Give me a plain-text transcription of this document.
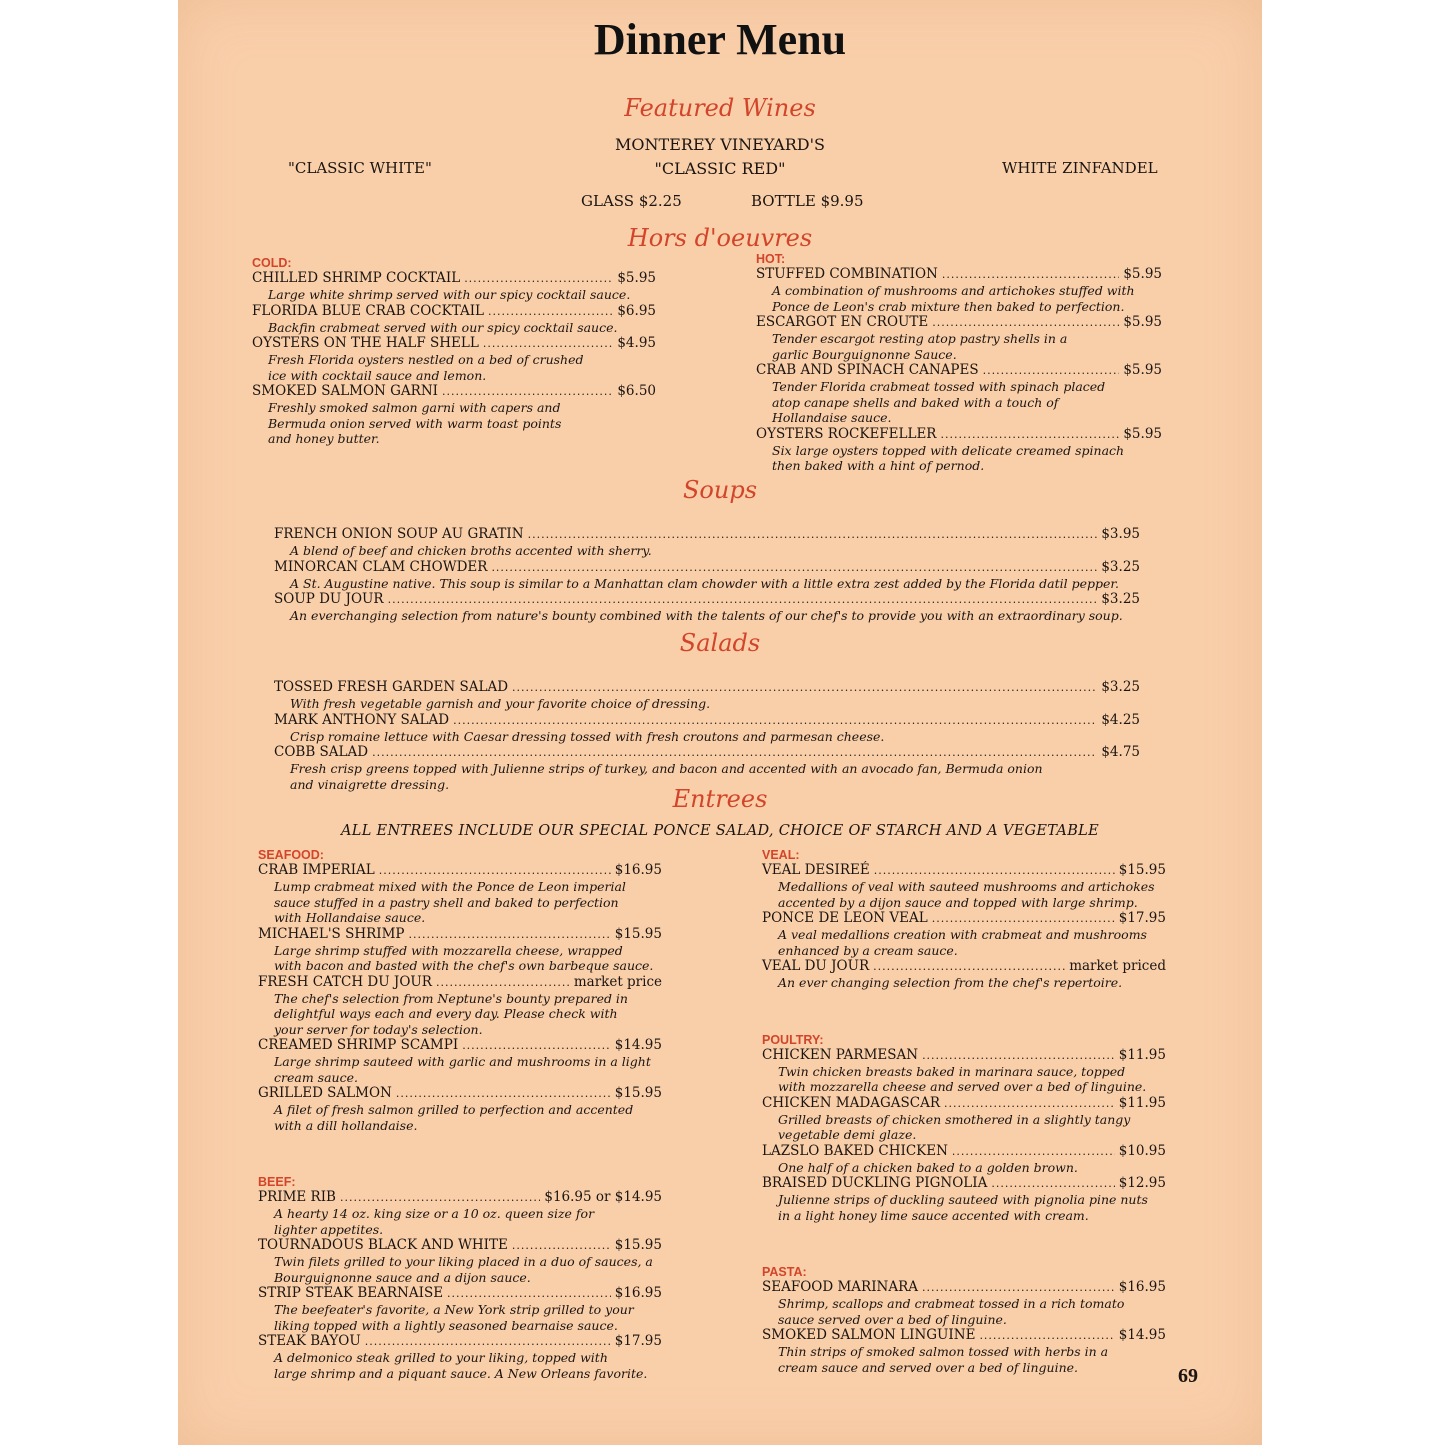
Dinner Menu
Featured Wines
MONTEREY VINEYARD'S
"CLASSIC WHITE"	"CLASSIC RED"	WHITE ZINFANDEL
GLASS $2.25	BOTTLE $9.95
Hors d'oeuvres
COLD:
CHILLED SHRIMP COCKTAIL .....	$5.95
Large white shrimp served with our spicy cocktail sauce.
FLORIDA BLUE CRAB COCKTAIL .....	$6.95
Backfin crabmeat served with our spicy cocktail sauce.
OYSTERS ON THE HALF SHELL .....	$4.95
Fresh Florida oysters nestled on a bed of crushed
ice with cocktail sauce and lemon.
SMOKED SALMON GARNI .....	$6.50
Freshly smoked salmon garni with capers and
Bermuda onion served with warm toast points
and honey butter.
HOT:
STUFFED COMBINATION .....	$5.95
A combination of mushrooms and artichokes stuffed with
Ponce de Leon's crab mixture then baked to perfection.
ESCARGOT EN CROUTE .....	$5.95
Tender escargot resting atop pastry shells in a
garlic Bourguignonne Sauce.
CRAB AND SPINACH CANAPES .....	$5.95
Tender Florida crabmeat tossed with spinach placed
atop canape shells and baked with a touch of
Hollandaise sauce.
OYSTERS ROCKEFELLER .....	$5.95
Six large oysters topped with delicate creamed spinach
then baked with a hint of pernod.
Soups
FRENCH ONION SOUP AU GRATIN .....	$3.95
A blend of beef and chicken broths accented with sherry.
MINORCAN CLAM CHOWDER .....	$3.25
A St. Augustine native. This soup is similar to a Manhattan clam chowder with a little extra zest added by the Florida datil pepper.
SOUP DU JOUR .....	$3.25
An everchanging selection from nature's bounty combined with the talents of our chef's to provide you with an extraordinary soup.
Salads
TOSSED FRESH GARDEN SALAD .....	$3.25
With fresh vegetable garnish and your favorite choice of dressing.
MARK ANTHONY SALAD .....	$4.25
Crisp romaine lettuce with Caesar dressing tossed with fresh croutons and parmesan cheese.
COBB SALAD .....	$4.75
Fresh crisp greens topped with Julienne strips of turkey, and bacon and accented with an avocado fan, Bermuda onion
and vinaigrette dressing.
Entrees
ALL ENTREES INCLUDE OUR SPECIAL PONCE SALAD, CHOICE OF STARCH AND A VEGETABLE
SEAFOOD:
CRAB IMPERIAL .....	$16.95
Lump crabmeat mixed with the Ponce de Leon imperial
sauce stuffed in a pastry shell and baked to perfection
with Hollandaise sauce.
MICHAEL'S SHRIMP .....	$15.95
Large shrimp stuffed with mozzarella cheese, wrapped
with bacon and basted with the chef's own barbeque sauce.
FRESH CATCH DU JOUR .....	market price
The chef's selection from Neptune's bounty prepared in
delightful ways each and every day. Please check with
your server for today's selection.
CREAMED SHRIMP SCAMPI .....	$14.95
Large shrimp sauteed with garlic and mushrooms in a light
cream sauce.
GRILLED SALMON .....	$15.95
A filet of fresh salmon grilled to perfection and accented
with a dill hollandaise.
BEEF:
PRIME RIB .....	$16.95 or $14.95
A hearty 14 oz. king size or a 10 oz. queen size for
lighter appetites.
TOURNADOUS BLACK AND WHITE .....	$15.95
Twin filets grilled to your liking placed in a duo of sauces, a
Bourguignonne sauce and a dijon sauce.
STRIP STEAK BEARNAISE .....	$16.95
The beefeater's favorite, a New York strip grilled to your
liking topped with a lightly seasoned bearnaise sauce.
STEAK BAYOU .....	$17.95
A delmonico steak grilled to your liking, topped with
large shrimp and a piquant sauce. A New Orleans favorite.
VEAL:
VEAL DESIREÉ .....	$15.95
Medallions of veal with sauteed mushrooms and artichokes
accented by a dijon sauce and topped with large shrimp.
PONCE DE LEON VEAL .....	$17.95
A veal medallions creation with crabmeat and mushrooms
enhanced by a cream sauce.
VEAL DU JOUR .....	market priced
An ever changing selection from the chef's repertoire.
POULTRY:
CHICKEN PARMESAN .....	$11.95
Twin chicken breasts baked in marinara sauce, topped
with mozzarella cheese and served over a bed of linguine.
CHICKEN MADAGASCAR .....	$11.95
Grilled breasts of chicken smothered in a slightly tangy
vegetable demi glaze.
LAZSLO BAKED CHICKEN .....	$10.95
One half of a chicken baked to a golden brown.
BRAISED DUCKLING PIGNOLIA .....	$12.95
Julienne strips of duckling sauteed with pignolia pine nuts
in a light honey lime sauce accented with cream.
PASTA:
SEAFOOD MARINARA .....	$16.95
Shrimp, scallops and crabmeat tossed in a rich tomato
sauce served over a bed of linguine.
SMOKED SALMON LINGUINE .....	$14.95
Thin strips of smoked salmon tossed with herbs in a
cream sauce and served over a bed of linguine.	69
